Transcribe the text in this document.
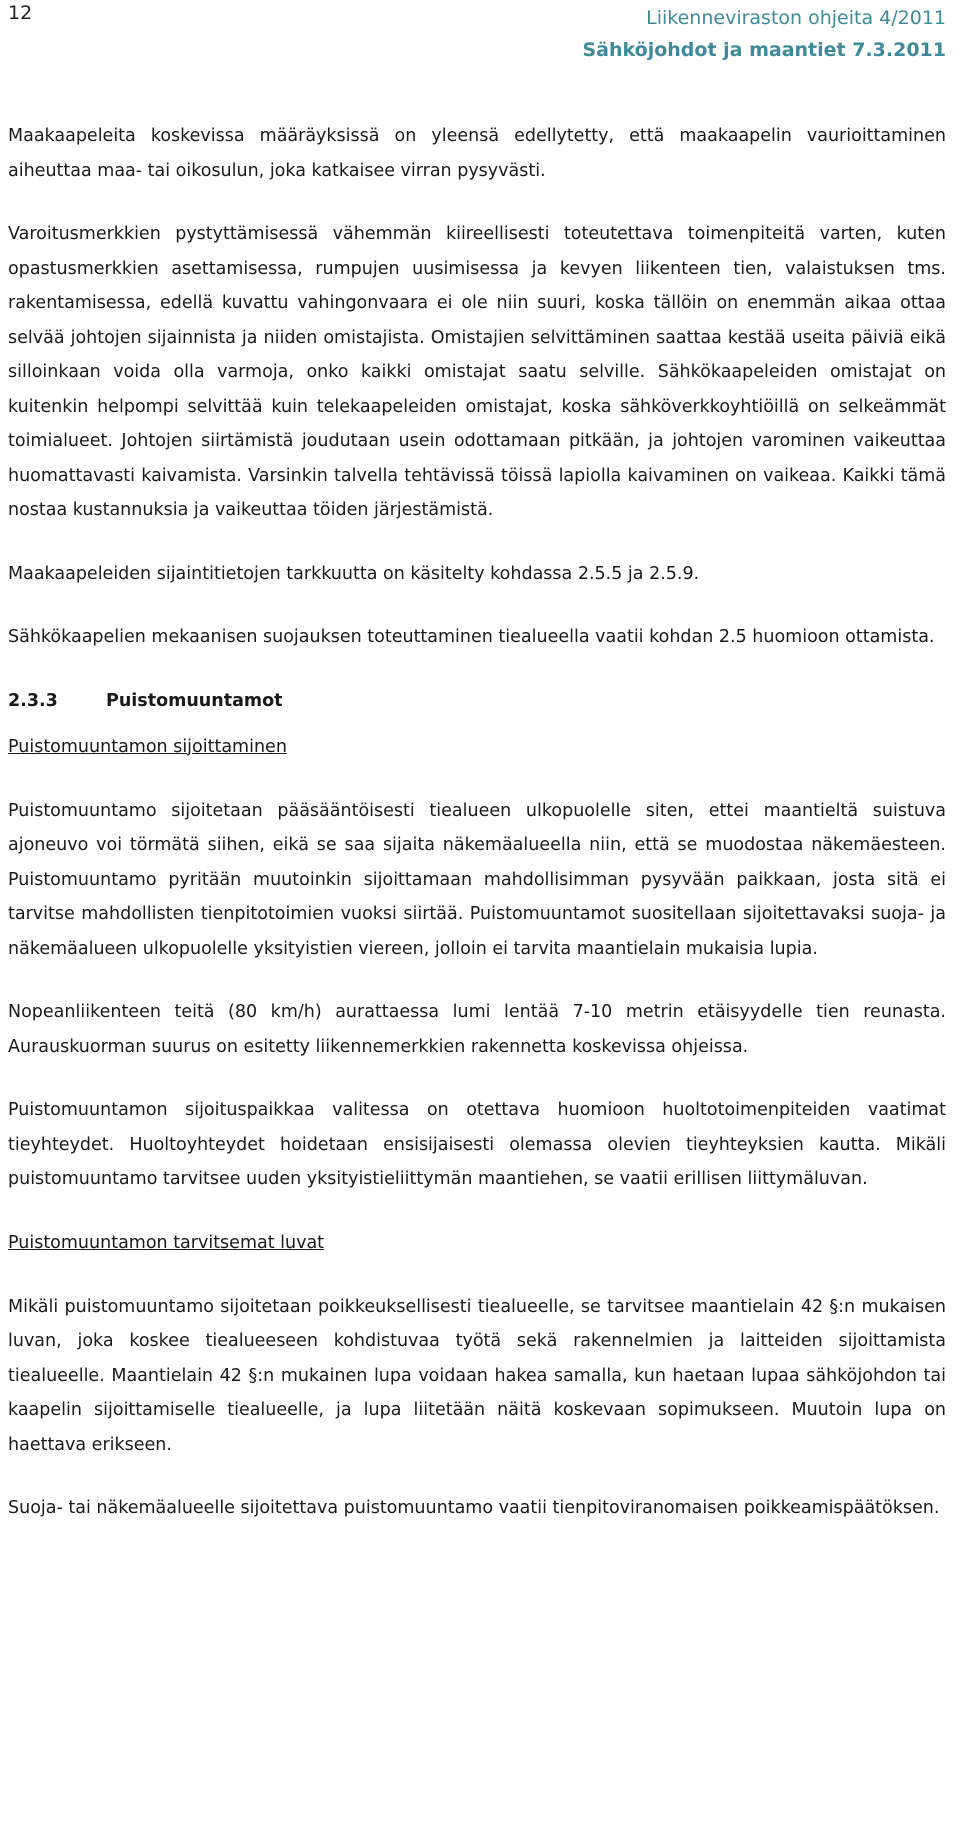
12	Liikenneviraston ohjeita 4/2011
Sähköjohdot ja maantiet 7.3.2011

Maakaapeleita koskevissa määräyksissä on yleensä edellytetty, että maakaapelin vaurioittaminen aiheuttaa maa- tai oikosulun, joka katkaisee virran pysyvästi.

Varoitusmerkkien pystyttämisessä vähemmän kiireellisesti toteutettava toimenpiteitä varten, kuten opastusmerkkien asettamisessa, rumpujen uusimisessa ja kevyen liikenteen tien, valaistuksen tms. rakentamisessa, edellä kuvattu vahingonvaara ei ole niin suuri, koska tällöin on enemmän aikaa ottaa selvää johtojen sijainnista ja niiden omistajista. Omistajien selvittäminen saattaa kestää useita päiviä eikä silloinkaan voida olla varmoja, onko kaikki omistajat saatu selville. Sähkökaapeleiden omistajat on kuitenkin helpompi selvittää kuin telekaapeleiden omistajat, koska sähköverkkoyhtiöillä on selkeämmät toimialueet. Johtojen siirtämistä joudutaan usein odottamaan pitkään, ja johtojen varominen vaikeuttaa huomattavasti kaivamista. Varsinkin talvella tehtävissä töissä lapiolla kaivaminen on vaikeaa. Kaikki tämä nostaa kustannuksia ja vaikeuttaa töiden järjestämistä.

Maakaapeleiden sijaintitietojen tarkkuutta on käsitelty kohdassa 2.5.5 ja 2.5.9.

Sähkökaapelien mekaanisen suojauksen toteuttaminen tiealueella vaatii kohdan 2.5 huomioon ottamista.

2.3.3	Puistomuuntamot
Puistomuuntamon sijoittaminen

Puistomuuntamo sijoitetaan pääsääntöisesti tiealueen ulkopuolelle siten, ettei maantieltä suistuva ajoneuvo voi törmätä siihen, eikä se saa sijaita näkemäalueella niin, että se muodostaa näkemäesteen. Puistomuuntamo pyritään muutoinkin sijoittamaan mahdollisimman pysyvään paikkaan, josta sitä ei tarvitse mahdollisten tienpitotoimien vuoksi siirtää. Puistomuuntamot suositellaan sijoitettavaksi suoja- ja näkemäalueen ulkopuolelle yksityistien viereen, jolloin ei tarvita maantielain mukaisia lupia.

Nopeanliikenteen teitä (80 km/h) aurattaessa lumi lentää 7-10 metrin etäisyydelle tien reunasta. Aurauskuorman suurus on esitetty liikennemerkkien rakennetta koskevissa ohjeissa.

Puistomuuntamon sijoituspaikkaa valitessa on otettava huomioon huoltotoimenpiteiden vaatimat tieyhteydet. Huoltoyhteydet hoidetaan ensisijaisesti olemassa olevien tieyhteyksien kautta. Mikäli puistomuuntamo tarvitsee uuden yksityistieliittymän maantiehen, se vaatii erillisen liittymäluvan.

Puistomuuntamon tarvitsemat luvat

Mikäli puistomuuntamo sijoitetaan poikkeuksellisesti tiealueelle, se tarvitsee maantielain 42 §:n mukaisen luvan, joka koskee tiealueeseen kohdistuvaa työtä sekä rakennelmien ja laitteiden sijoittamista tiealueelle. Maantielain 42 §:n mukainen lupa voidaan hakea samalla, kun haetaan lupaa sähköjohdon tai kaapelin sijoittamiselle tiealueelle, ja lupa liitetään näitä koskevaan sopimukseen. Muutoin lupa on haettava erikseen.

Suoja- tai näkemäalueelle sijoitettava puistomuuntamo vaatii tienpitoviranomaisen poikkeamispäätöksen.
